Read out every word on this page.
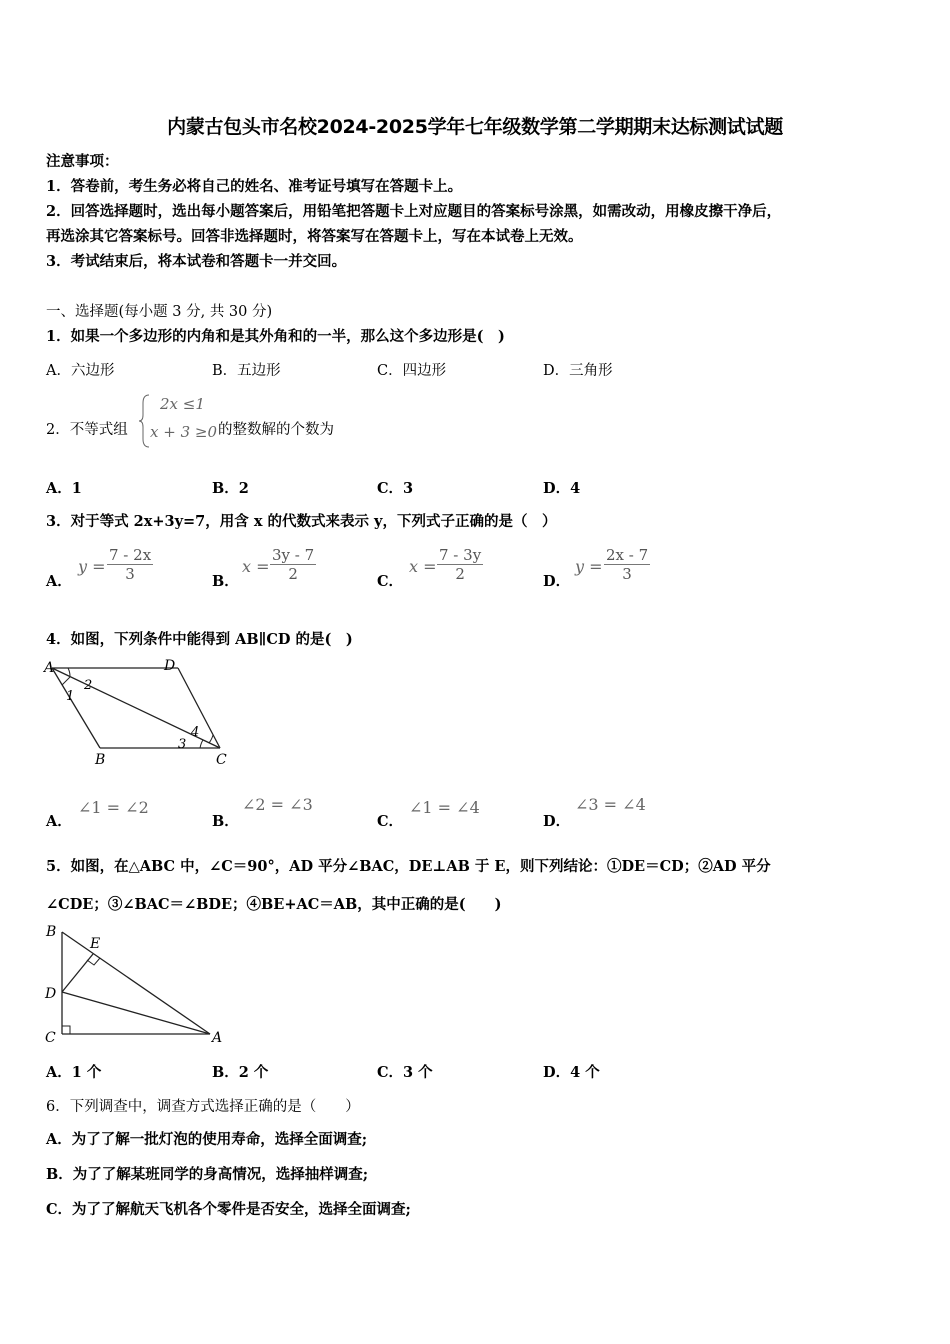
内蒙古包头市名校2024-2025学年七年级数学第二学期期末达标测试试题
注意事项：
1．答卷前，考生务必将自己的姓名、准考证号填写在答题卡上。
2．回答选择题时，选出每小题答案后，用铅笔把答题卡上对应题目的答案标号涂黑，如需改动，用橡皮擦干净后，
再选涂其它答案标号。回答非选择题时，将答案写在答题卡上，写在本试卷上无效。
3．考试结束后，将本试卷和答题卡一并交回。
一、选择题(每小题 3 分, 共 30 分)
1．如果一个多边形的内角和是其外角和的一半，那么这个多边形是(　)
A．六边形	B．五边形	C．四边形	D．三角形
2．不等式组
2x ≤1
x + 3 ≥0 的整数解的个数为
A．1	B．2	C．3	D．4
3．对于等式 2x+3y=7，用含 x 的代数式来表示 y，下列式子正确的是（　）
A．
$y = \frac{7 - 2x}{3}$	B．
$x = \frac{3y - 7}{2}$	C．
$x = \frac{7 - 3y}{2}$	D．
$y = \frac{2x - 7}{3}$
4．如图，下列条件中能得到 AB∥CD 的是(　)
A	D
B	C
1
2
3
4
A．
∠1 = ∠2
B．
∠2 = ∠3
C．
∠1 = ∠4
D．
∠3 = ∠4
5．如图，在△ABC 中，∠C＝90°，AD 平分∠BAC，DE⊥AB 于 E，则下列结论：①DE＝CD；②AD 平分
∠CDE；③∠BAC＝∠BDE；④BE+AC＝AB，其中正确的是(　　)
B
E
D
C	A
A．1 个	B．2 个	C．3 个	D．4 个
6．下列调查中，调查方式选择正确的是（　　）
A．为了了解一批灯泡的使用寿命，选择全面调查;
B．为了了解某班同学的身高情况，选择抽样调查;
C．为了了解航天飞机各个零件是否安全，选择全面调查;
